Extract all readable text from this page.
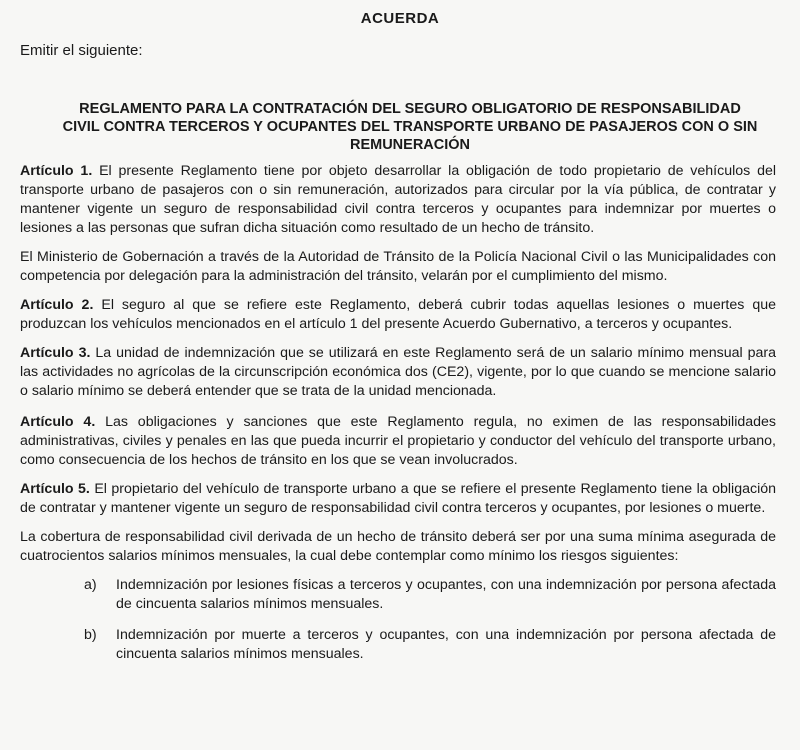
ACUERDA
Emitir el siguiente:
REGLAMENTO PARA LA CONTRATACIÓN DEL SEGURO OBLIGATORIO DE RESPONSABILIDAD CIVIL CONTRA TERCEROS Y OCUPANTES DEL TRANSPORTE URBANO DE PASAJEROS CON O SIN REMUNERACIÓN

Artículo 1. El presente Reglamento tiene por objeto desarrollar la obligación de todo propietario de vehículos del transporte urbano de pasajeros con o sin remuneración, autorizados para circular por la vía pública, de contratar y mantener vigente un seguro de responsabilidad civil contra terceros y ocupantes para indemnizar por muertes o lesiones a las personas que sufran dicha situación como resultado de un hecho de tránsito.

El Ministerio de Gobernación a través de la Autoridad de Tránsito de la Policía Nacional Civil o las Municipalidades con competencia por delegación para la administración del tránsito, velarán por el cumplimiento del mismo.

Artículo 2. El seguro al que se refiere este Reglamento, deberá cubrir todas aquellas lesiones o muertes que produzcan los vehículos mencionados en el artículo 1 del presente Acuerdo Gubernativo, a terceros y ocupantes.

Artículo 3. La unidad de indemnización que se utilizará en este Reglamento será de un salario mínimo mensual para las actividades no agrícolas de la circunscripción económica dos (CE2), vigente, por lo que cuando se mencione salario o salario mínimo se deberá entender que se trata de la unidad mencionada.

Artículo 4. Las obligaciones y sanciones que este Reglamento regula, no eximen de las responsabilidades administrativas, civiles y penales en las que pueda incurrir el propietario y conductor del vehículo del transporte urbano, como consecuencia de los hechos de tránsito en los que se vean involucrados.

Artículo 5. El propietario del vehículo de transporte urbano a que se refiere el presente Reglamento tiene la obligación de contratar y mantener vigente un seguro de responsabilidad civil contra terceros y ocupantes, por lesiones o muerte.

La cobertura de responsabilidad civil derivada de un hecho de tránsito deberá ser por una suma mínima asegurada de cuatrocientos salarios mínimos mensuales, la cual debe contemplar como mínimo los riesgos siguientes:

a)	Indemnización por lesiones físicas a terceros y ocupantes, con una indemnización por persona afectada de cincuenta salarios mínimos mensuales.
b)	Indemnización por muerte a terceros y ocupantes, con una indemnización por persona afectada de cincuenta salarios mínimos mensuales.
